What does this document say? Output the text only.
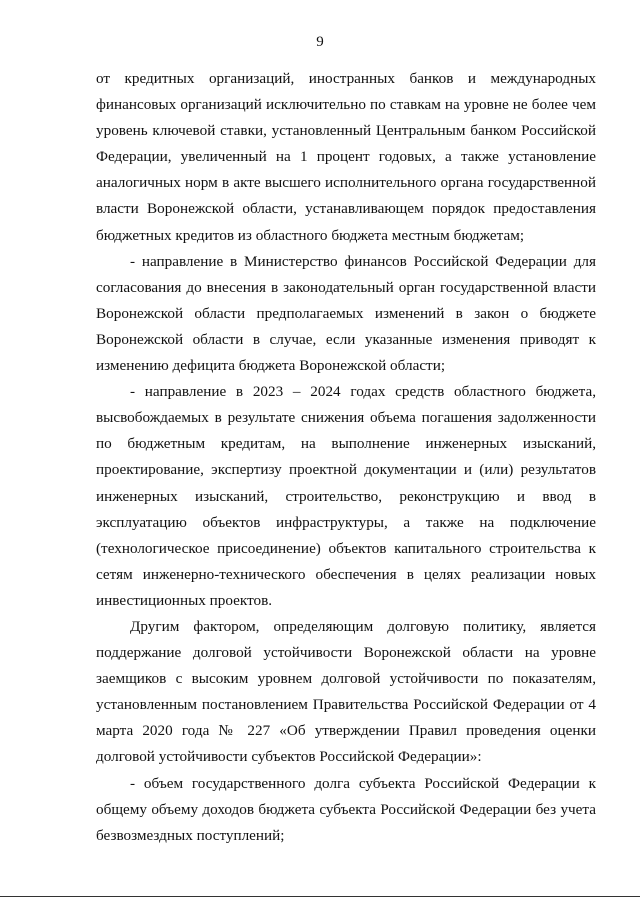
9

от кредитных организаций, иностранных банков и международных финансовых организаций исключительно по ставкам на уровне не более чем уровень ключевой ставки, установленный Центральным банком Российской Федерации, увеличенный на 1 процент годовых, а также установление аналогичных норм в акте высшего исполнительного органа государственной власти Воронежской области, устанавливающем порядок предоставления бюджетных кредитов из областного бюджета местным бюджетам;

- направление в Министерство финансов Российской Федерации для согласования до внесения в законодательный орган государственной власти Воронежской области предполагаемых изменений в закон о бюджете Воронежской области в случае, если указанные изменения приводят к изменению дефицита бюджета Воронежской области;

- направление в 2023 – 2024 годах средств областного бюджета, высвобождаемых в результате снижения объема погашения задолженности по бюджетным кредитам, на выполнение инженерных изысканий, проектирование, экспертизу проектной документации и (или) результатов инженерных изысканий, строительство, реконструкцию и ввод в эксплуатацию объектов инфраструктуры, а также на подключение (технологическое присоединение) объектов капитального строительства к сетям инженерно-технического обеспечения в целях реализации новых инвестиционных проектов.

Другим фактором, определяющим долговую политику, является поддержание долговой устойчивости Воронежской области на уровне заемщиков с высоким уровнем долговой устойчивости по показателям, установленным постановлением Правительства Российской Федерации от 4 марта 2020 года № 227 «Об утверждении Правил проведения оценки долговой устойчивости субъектов Российской Федерации»:

- объем государственного долга субъекта Российской Федерации к общему объему доходов бюджета субъекта Российской Федерации без учета безвозмездных поступлений;
